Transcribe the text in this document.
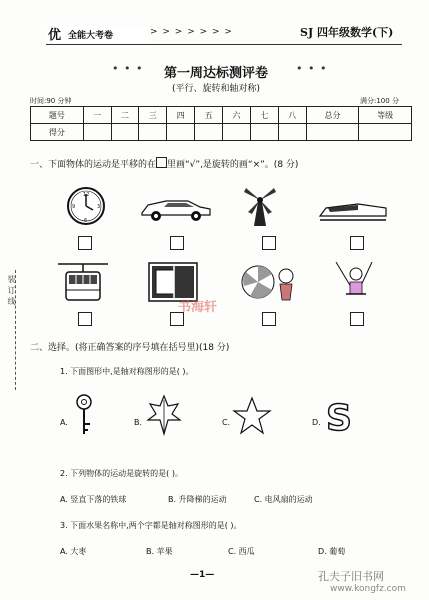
优 全能大考卷	> > > > > > >	SJ 四年级数学(下)
• • •	第一周达标测评卷	• • •
(平行、旋转和轴对称)
时间:90 分钟	满分:100 分
题号	一	二	三	四	五	六	七	八	总分	等级
得分										
装订线
一、下面物体的运动是平移的在 里画“√”,是旋转的画“×”。(8 分)
12
3
6
9
书海轩
二、选择。(将正确答案的序号填在括号里)(18 分)
1. 下面图形中,是轴对称图形的是( )。
A.	B.	C.	D. S
2. 下列物体的运动是旋转的是( )。
A. 竖直下落的铁球	B. 升降梯的运动	C. 电风扇的运动
3. 下面水果名称中,两个字都是轴对称图形的是( )。
A. 大枣	B. 苹果	C. 西瓜	D. 葡萄
—1—	孔夫子旧书网
www.kongfz.com
